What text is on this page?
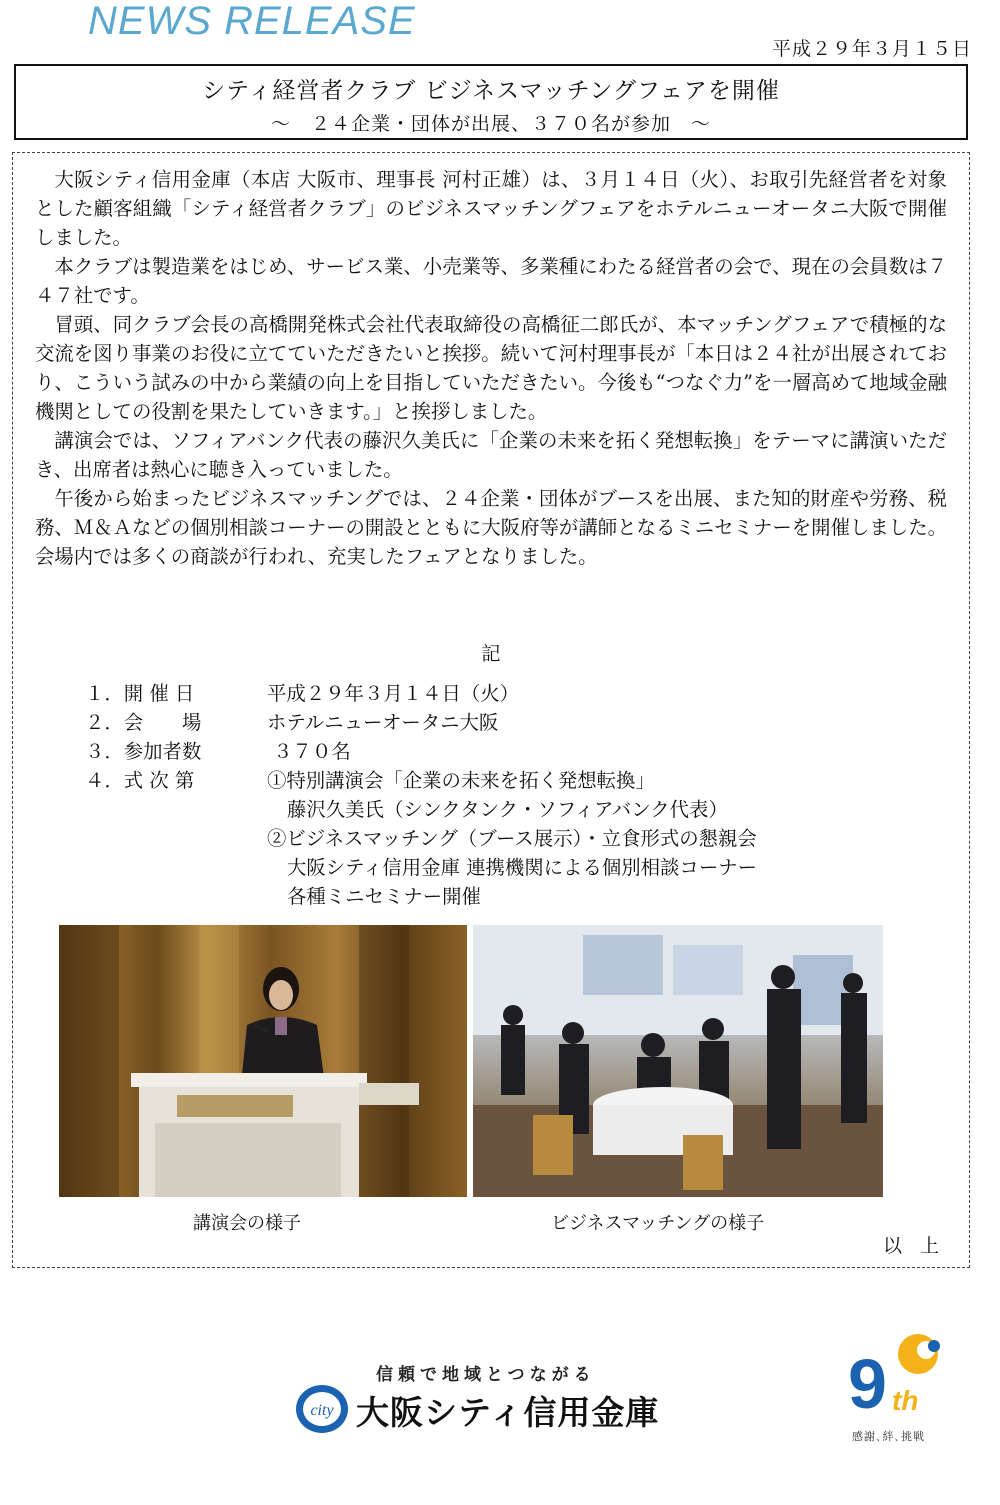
NEWS RELEASE
平成２９年３月１５日
シティ経営者クラブ ビジネスマッチングフェアを開催
～　２４企業・団体が出展、３７０名が参加　～

大阪シティ信用金庫（本店 大阪市、理事長 河村正雄）は、３月１４日（火）、お取引先経営者を対象とした顧客組織「シティ経営者クラブ」のビジネスマッチングフェアをホテルニューオータニ大阪で開催しました。

本クラブは製造業をはじめ、サービス業、小売業等、多業種にわたる経営者の会で、現在の会員数は７４７社です。

冒頭、同クラブ会長の高橋開発株式会社代表取締役の高橋征二郎氏が、本マッチングフェアで積極的な交流を図り事業のお役に立てていただきたいと挨拶。続いて河村理事長が「本日は２４社が出展されており、こういう試みの中から業績の向上を目指していただきたい。今後も“つなぐ力”を一層高めて地域金融機関としての役割を果たしていきます。」と挨拶しました。

講演会では、ソフィアバンク代表の藤沢久美氏に「企業の未来を拓く発想転換」をテーマに講演いただき、出席者は熱心に聴き入っていました。

午後から始まったビジネスマッチングでは、２４企業・団体がブースを出展、また知的財産や労務、税務、Ｍ＆Ａなどの個別相談コーナーの開設とともに大阪府等が講師となるミニセミナーを開催しました。会場内では多くの商談が行われ、充実したフェアとなりました。

記
１．開 催 日	平成２９年３月１４日（火）
２．会　　場	ホテルニューオータニ大阪
３．参加者数	３７０名
４．式 次 第	①特別講演会「企業の未来を拓く発想転換」
藤沢久美氏（シンクタンク・ソフィアバンク代表）
②ビジネスマッチング（ブース展示）・立食形式の懇親会
大阪シティ信用金庫 連携機関による個別相談コーナー
各種ミニセミナー開催
講演会の様子	ビジネスマッチングの様子
以 上
信頼で地域とつながる
city 大阪シティ信用金庫	9 th
感謝､絆､挑戦
